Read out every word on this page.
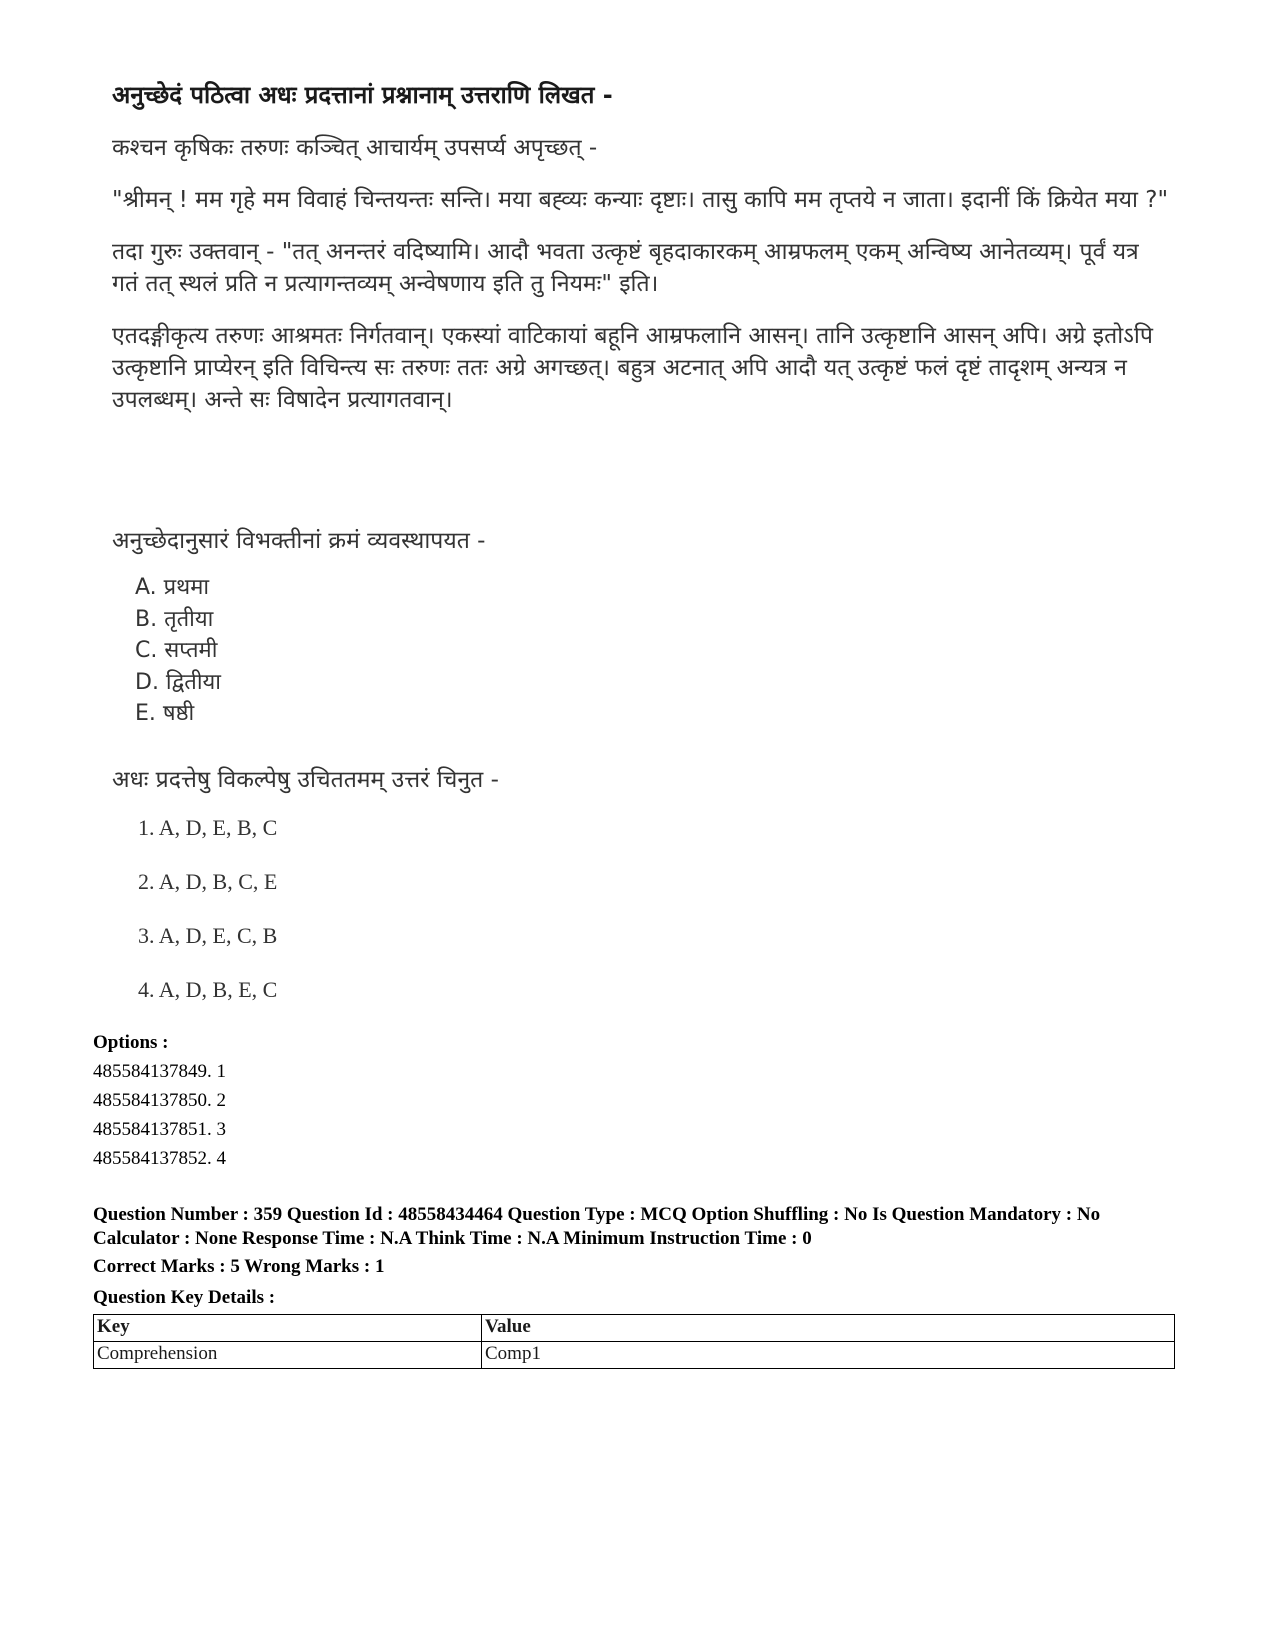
अनुच्छेदं पठित्वा अधः प्रदत्तानां प्रश्नानाम् उत्तराणि लिखत -
कश्चन कृषिकः तरुणः कञ्चित् आचार्यम् उपसर्प्य अपृच्छत् -
"श्रीमन् ! मम गृहे मम विवाहं चिन्तयन्तः सन्ति। मया बह्व्यः कन्याः दृष्टाः। तासु कापि मम तृप्तये न जाता। इदानीं किं क्रियेत मया ?"
तदा गुरुः उक्तवान् - "तत् अनन्तरं वदिष्यामि। आदौ भवता उत्कृष्टं बृहदाकारकम् आम्रफलम् एकम् अन्विष्य आनेतव्यम्। पूर्वं यत्र गतं तत् स्थलं प्रति न प्रत्यागन्तव्यम् अन्वेषणाय इति तु नियमः" इति।
एतदङ्गीकृत्य तरुणः आश्रमतः निर्गतवान्। एकस्यां वाटिकायां बहूनि आम्रफलानि आसन्। तानि उत्कृष्टानि आसन् अपि। अग्रे इतोऽपि उत्कृष्टानि प्राप्येरन् इति विचिन्त्य सः तरुणः ततः अग्रे अगच्छत्। बहुत्र अटनात् अपि आदौ यत् उत्कृष्टं फलं दृष्टं तादृशम् अन्यत्र न उपलब्धम्। अन्ते सः विषादेन प्रत्यागतवान्।
अनुच्छेदानुसारं विभक्तीनां क्रमं व्यवस्थापयत -
A. प्रथमा
B. तृतीया
C. सप्तमी
D. द्वितीया
E. षष्ठी
अधः प्रदत्तेषु विकल्पेषु उचिततमम् उत्तरं चिनुत -
1. A, D, E, B, C
2. A, D, B, C, E
3. A, D, E, C, B
4. A, D, B, E, C
Options :
485584137849. 1
485584137850. 2
485584137851. 3
485584137852. 4
Question Number : 359 Question Id : 48558434464 Question Type : MCQ Option Shuffling : No Is Question Mandatory : No Calculator : None Response Time : N.A Think Time : N.A Minimum Instruction Time : 0
Correct Marks : 5 Wrong Marks : 1
Question Key Details :
Key	Value
Comprehension	Comp1
